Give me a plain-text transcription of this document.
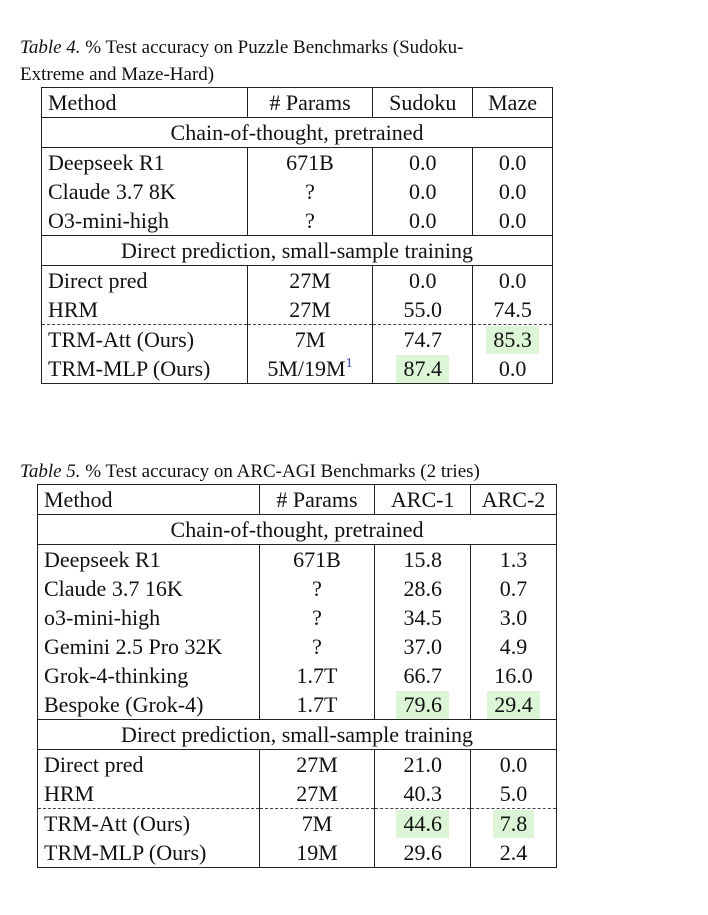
Table 4. % Test accuracy on Puzzle Benchmarks (Sudoku-
Extreme and Maze-Hard)
Method	# Params	Sudoku	Maze
Chain-of-thought, pretrained			
Deepseek R1	671B	0.0	0.0
Claude 3.7 8K	?	0.0	0.0
O3-mini-high	?	0.0	0.0
Direct prediction, small-sample training			
Direct pred	27M	0.0	0.0
HRM	27M	55.0	74.5
TRM-Att (Ours)	7M	74.7	85.3
TRM-MLP (Ours)	5M/19M$^1$	87.4	0.0
Table 5. % Test accuracy on ARC-AGI Benchmarks (2 tries)
Method	# Params	ARC-1	ARC-2
Chain-of-thought, pretrained			
Deepseek R1	671B	15.8	1.3
Claude 3.7 16K	?	28.6	0.7
o3-mini-high	?	34.5	3.0
Gemini 2.5 Pro 32K	?	37.0	4.9
Grok-4-thinking	1.7T	66.7	16.0
Bespoke (Grok-4)	1.7T	79.6	29.4
Direct prediction, small-sample training			
Direct pred	27M	21.0	0.0
HRM	27M	40.3	5.0
TRM-Att (Ours)	7M	44.6	7.8
TRM-MLP (Ours)	19M	29.6	2.4
